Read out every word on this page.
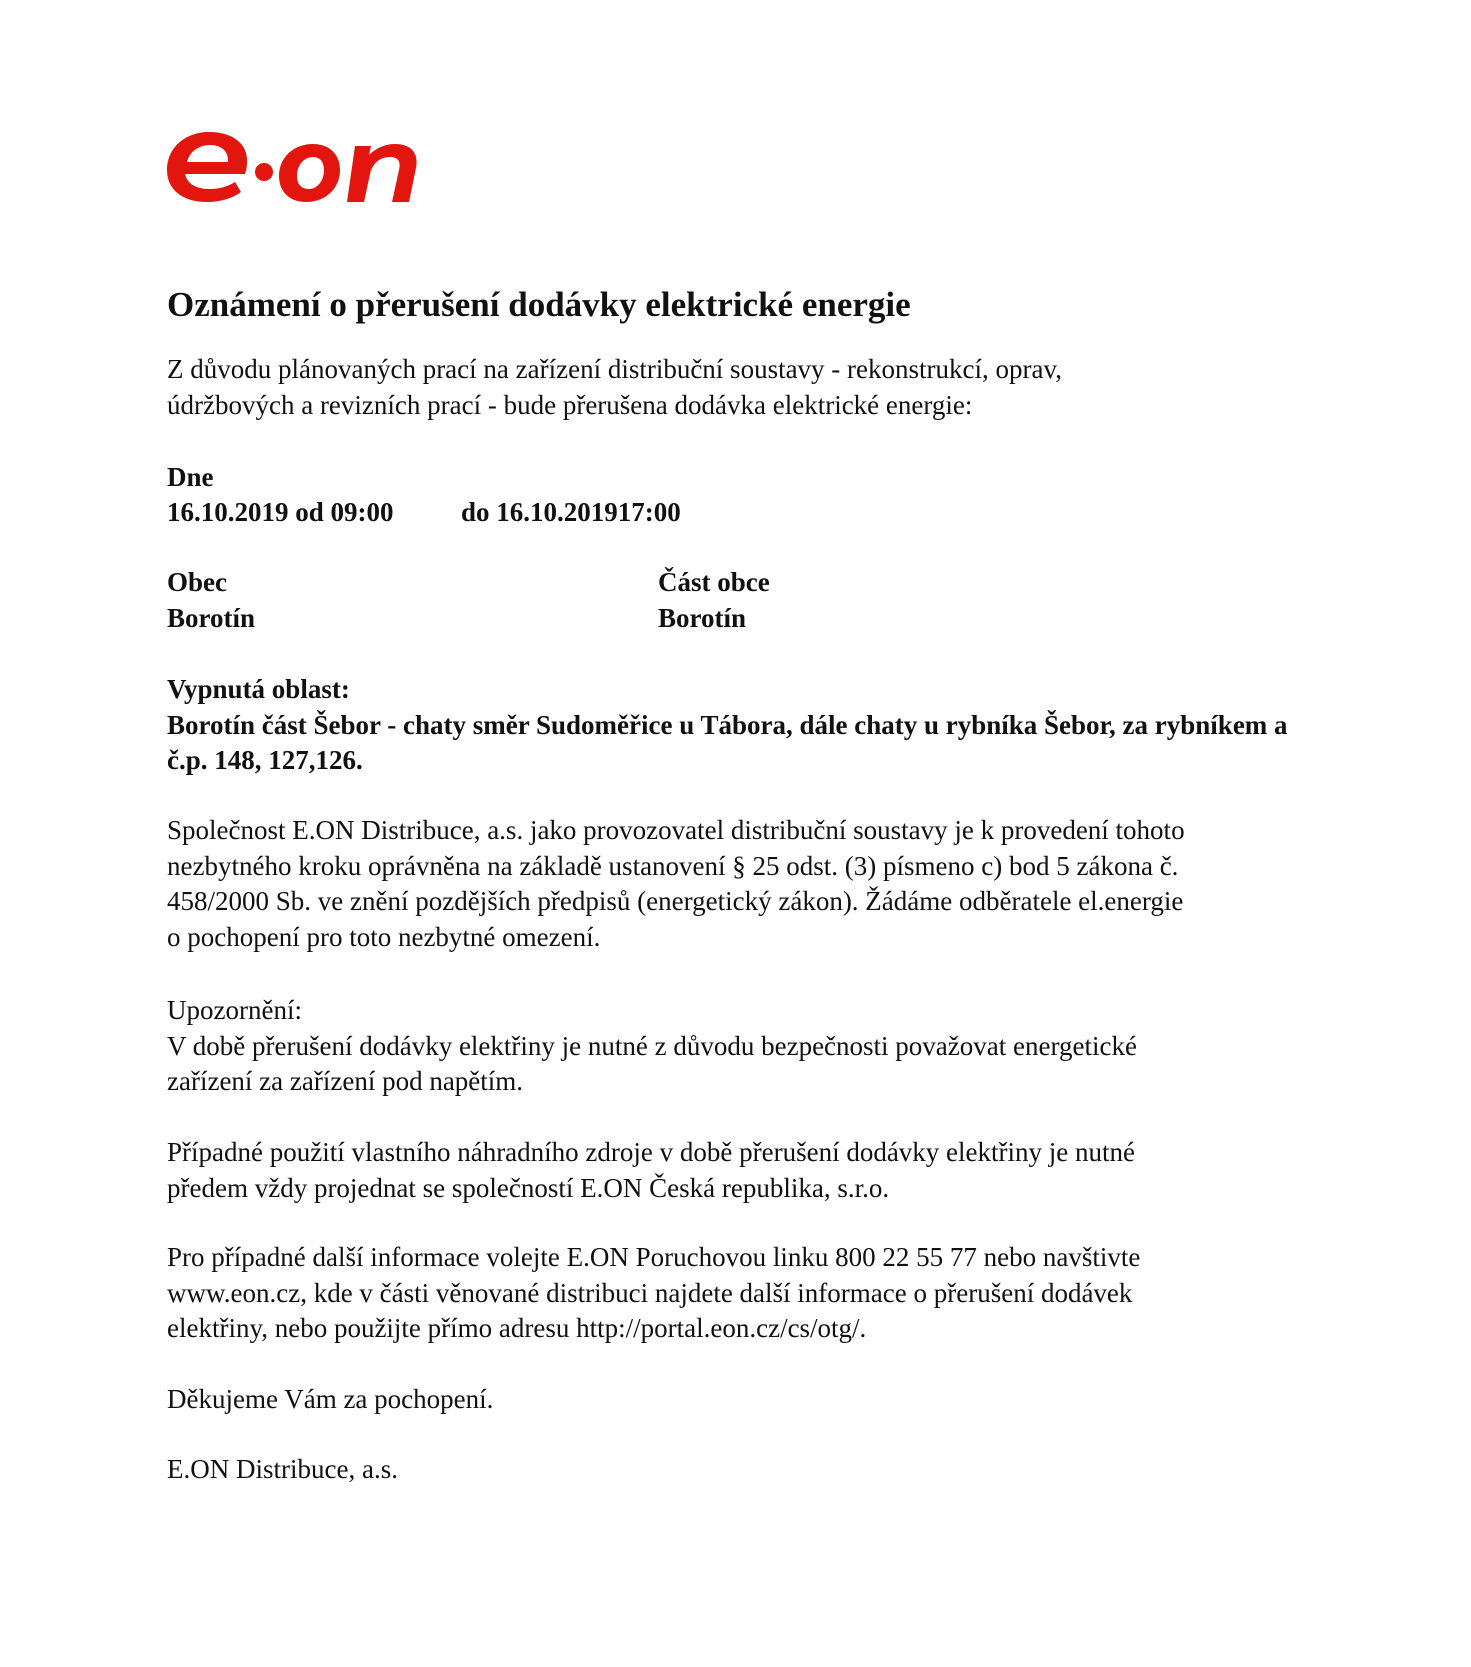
Oznámení o přerušení dodávky elektrické energie

Z důvodu plánovaných prací na zařízení distribuční soustavy - rekonstrukcí, oprav,
údržbových a revizních prací - bude přerušena dodávka elektrické energie:

Dne
16.10.2019 od 09:00 do 16.10.201917:00
Obec
Borotín
Část obce
Borotín

Vypnutá oblast:
Borotín část Šebor - chaty směr Sudoměřice u Tábora, dále chaty u rybníka Šebor, za rybníkem a
č.p. 148, 127,126.

Společnost E.ON Distribuce, a.s. jako provozovatel distribuční soustavy je k provedení tohoto
nezbytného kroku oprávněna na základě ustanovení § 25 odst. (3) písmeno c) bod 5 zákona č.
458/2000 Sb. ve znění pozdějších předpisů (energetický zákon). Žádáme odběratele el.energie
o pochopení pro toto nezbytné omezení.

Upozornění:
V době přerušení dodávky elektřiny je nutné z důvodu bezpečnosti považovat energetické
zařízení za zařízení pod napětím.

Případné použití vlastního náhradního zdroje v době přerušení dodávky elektřiny je nutné
předem vždy projednat se společností E.ON Česká republika, s.r.o.

Pro případné další informace volejte E.ON Poruchovou linku 800 22 55 77 nebo navštivte
www.eon.cz, kde v části věnované distribuci najdete další informace o přerušení dodávek
elektřiny, nebo použijte přímo adresu http://portal.eon.cz/cs/otg/.

Děkujeme Vám za pochopení.

E.ON Distribuce, a.s.
